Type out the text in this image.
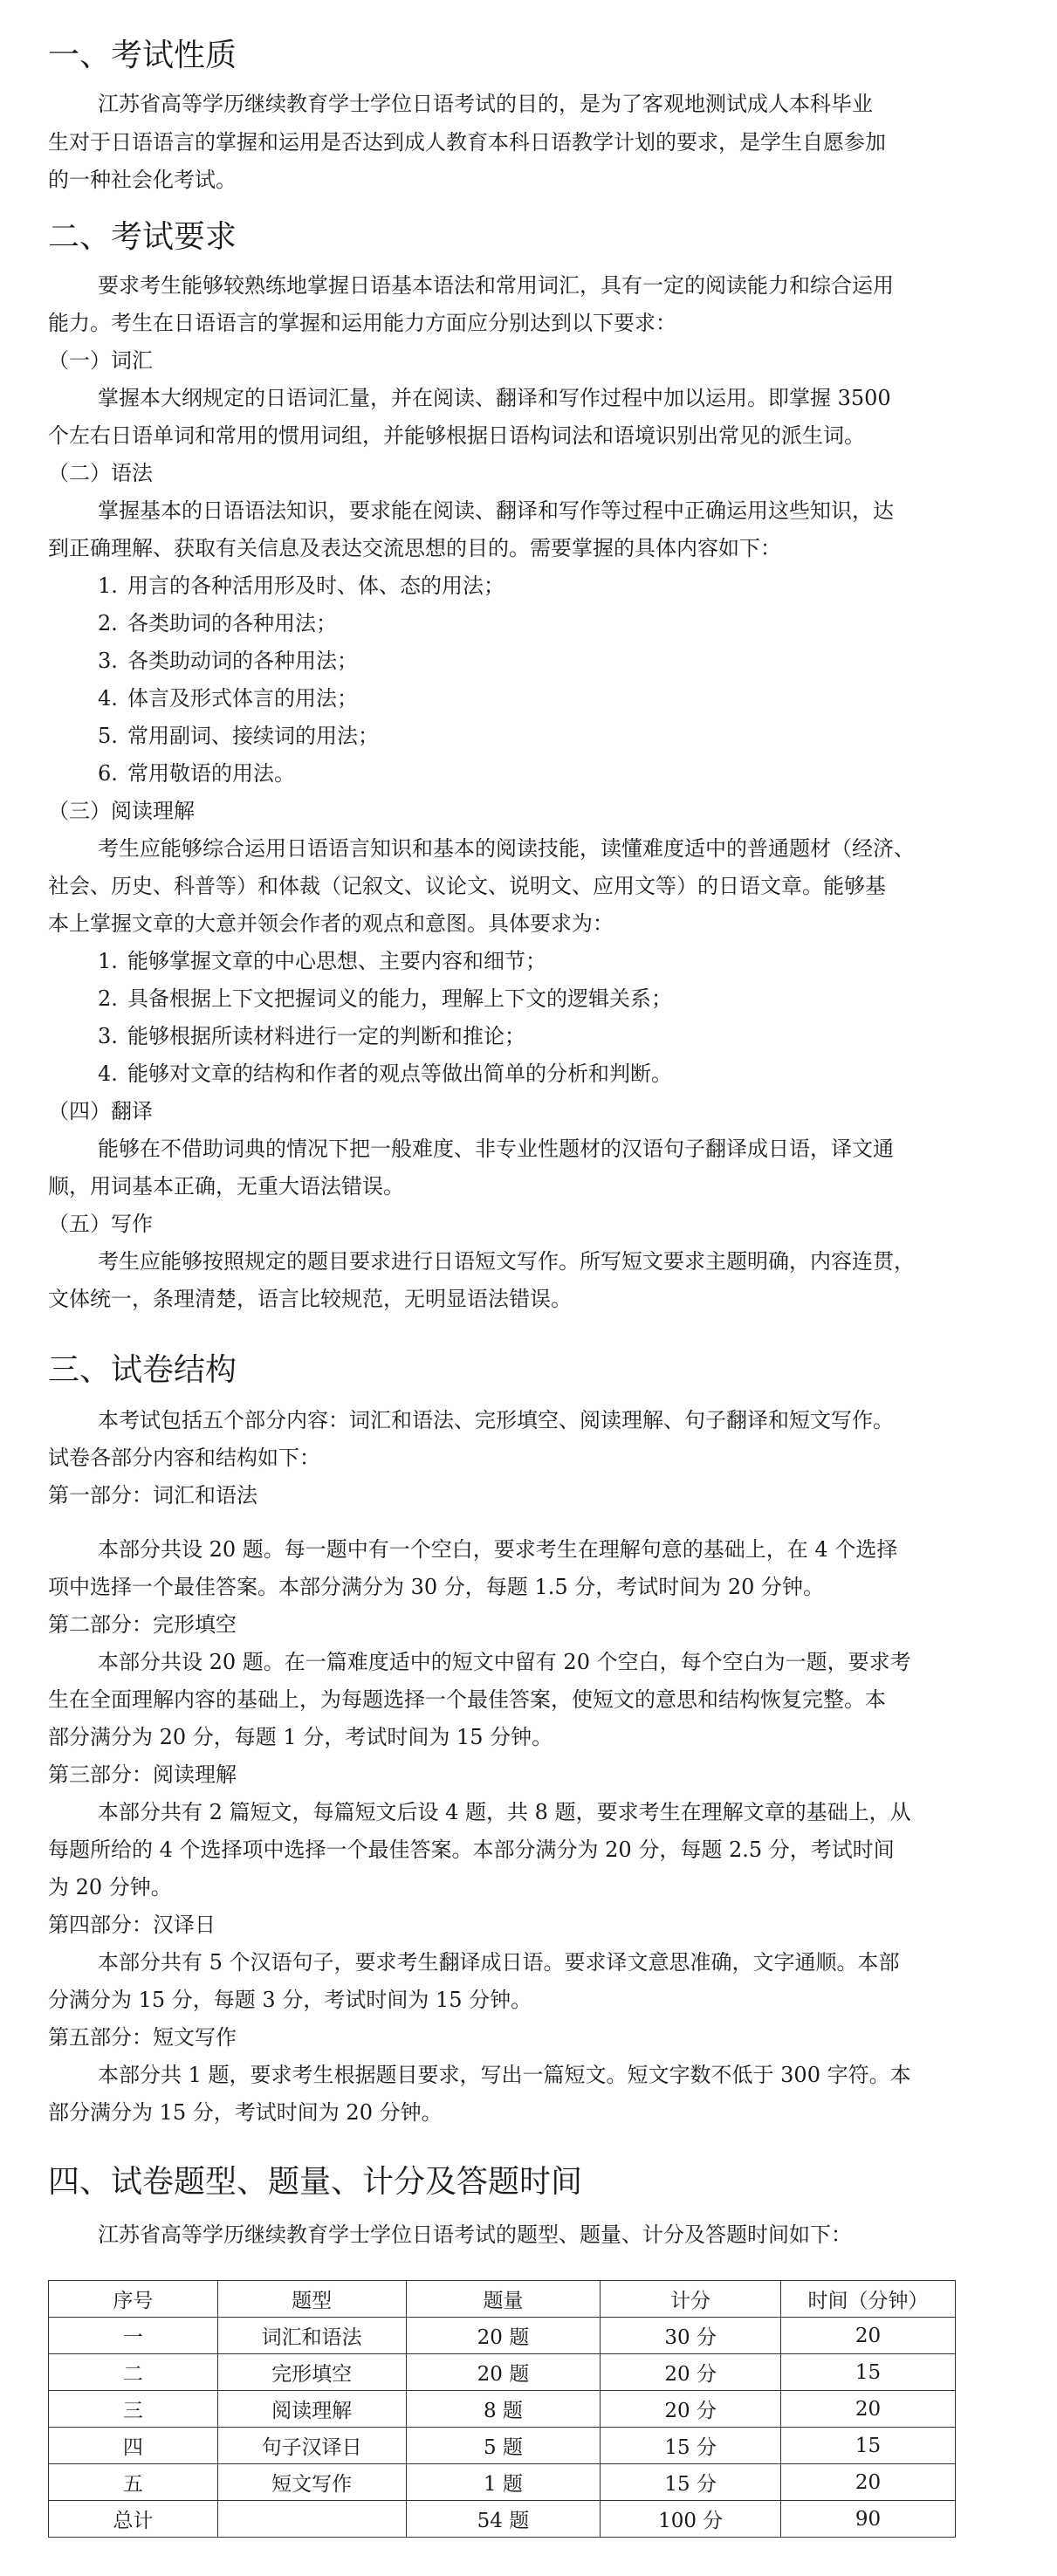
一、考试性质
江苏省高等学历继续教育学士学位日语考试的目的，是为了客观地测试成人本科毕业
生对于日语语言的掌握和运用是否达到成人教育本科日语教学计划的要求，是学生自愿参加
的一种社会化考试。
二、考试要求
要求考生能够较熟练地掌握日语基本语法和常用词汇，具有一定的阅读能力和综合运用
能力。考生在日语语言的掌握和运用能力方面应分别达到以下要求：
（一）词汇
掌握本大纲规定的日语词汇量，并在阅读、翻译和写作过程中加以运用。即掌握 3500
个左右日语单词和常用的惯用词组，并能够根据日语构词法和语境识别出常见的派生词。
（二）语法
掌握基本的日语语法知识，要求能在阅读、翻译和写作等过程中正确运用这些知识，达
到正确理解、获取有关信息及表达交流思想的目的。需要掌握的具体内容如下：
1. 用言的各种活用形及时、体、态的用法；
2. 各类助词的各种用法；
3. 各类助动词的各种用法；
4. 体言及形式体言的用法；
5. 常用副词、接续词的用法；
6. 常用敬语的用法。
（三）阅读理解
考生应能够综合运用日语语言知识和基本的阅读技能，读懂难度适中的普通题材（经济、
社会、历史、科普等）和体裁（记叙文、议论文、说明文、应用文等）的日语文章。能够基
本上掌握文章的大意并领会作者的观点和意图。具体要求为：
1. 能够掌握文章的中心思想、主要内容和细节；
2. 具备根据上下文把握词义的能力，理解上下文的逻辑关系；
3. 能够根据所读材料进行一定的判断和推论；
4. 能够对文章的结构和作者的观点等做出简单的分析和判断。
（四）翻译
能够在不借助词典的情况下把一般难度、非专业性题材的汉语句子翻译成日语，译文通
顺，用词基本正确，无重大语法错误。
（五）写作
考生应能够按照规定的题目要求进行日语短文写作。所写短文要求主题明确，内容连贯，
文体统一，条理清楚，语言比较规范，无明显语法错误。
三、试卷结构
本考试包括五个部分内容：词汇和语法、完形填空、阅读理解、句子翻译和短文写作。
试卷各部分内容和结构如下：
第一部分：词汇和语法
本部分共设 20 题。每一题中有一个空白，要求考生在理解句意的基础上，在 4 个选择
项中选择一个最佳答案。本部分满分为 30 分，每题 1.5 分，考试时间为 20 分钟。
第二部分：完形填空
本部分共设 20 题。在一篇难度适中的短文中留有 20 个空白，每个空白为一题，要求考
生在全面理解内容的基础上，为每题选择一个最佳答案，使短文的意思和结构恢复完整。本
部分满分为 20 分，每题 1 分，考试时间为 15 分钟。
第三部分：阅读理解
本部分共有 2 篇短文，每篇短文后设 4 题，共 8 题，要求考生在理解文章的基础上，从
每题所给的 4 个选择项中选择一个最佳答案。本部分满分为 20 分，每题 2.5 分，考试时间
为 20 分钟。
第四部分：汉译日
本部分共有 5 个汉语句子，要求考生翻译成日语。要求译文意思准确，文字通顺。本部
分满分为 15 分，每题 3 分，考试时间为 15 分钟。
第五部分：短文写作
本部分共 1 题，要求考生根据题目要求，写出一篇短文。短文字数不低于 300 字符。本
部分满分为 15 分，考试时间为 20 分钟。
四、试卷题型、题量、计分及答题时间
江苏省高等学历继续教育学士学位日语考试的题型、题量、计分及答题时间如下：
序号	题型	题量	计分	时间（分钟）
一	词汇和语法	20 题	30 分	20
二	完形填空	20 题	20 分	15
三	阅读理解	8 题	20 分	20
四	句子汉译日	5 题	15 分	15
五	短文写作	1 题	15 分	20
总计		54 题	100 分	90
